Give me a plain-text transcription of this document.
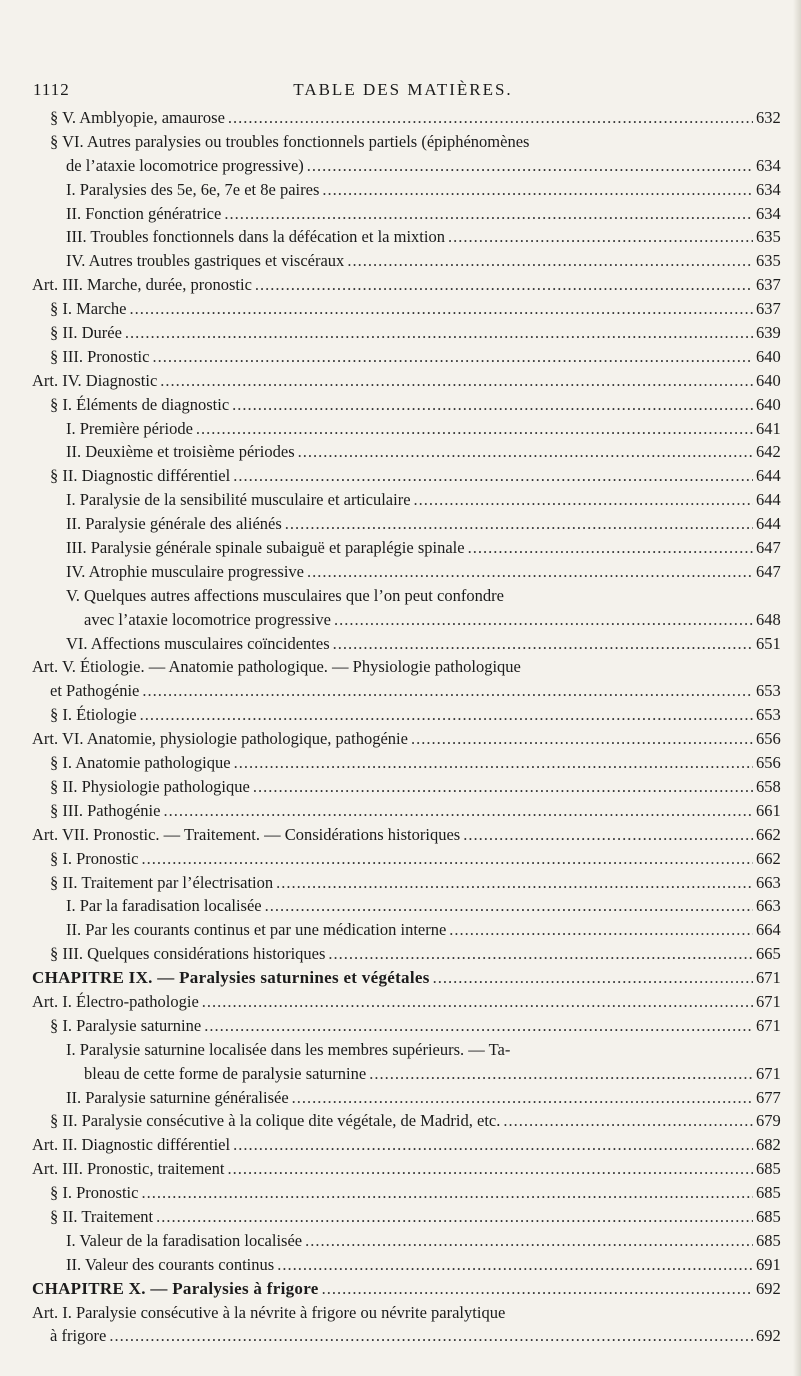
1112	TABLE DES MATIÈRES.
§ V. Amblyopie, amaurose .....	632
§ VI. Autres paralysies ou troubles fonctionnels partiels (épiphénomènes
de l’ataxie locomotrice progressive) .....	634
I. Paralysies des 5e, 6e, 7e et 8e paires .....	634
II. Fonction génératrice .....	634
III. Troubles fonctionnels dans la défécation et la mixtion .....	635
IV. Autres troubles gastriques et viscéraux .....	635
Art. III. Marche, durée, pronostic .....	637
§ I. Marche .....	637
§ II. Durée .....	639
§ III. Pronostic .....	640
Art. IV. Diagnostic .....	640
§ I. Éléments de diagnostic .....	640
I. Première période .....	641
II. Deuxième et troisième périodes .....	642
§ II. Diagnostic différentiel .....	644
I. Paralysie de la sensibilité musculaire et articulaire .....	644
II. Paralysie générale des aliénés .....	644
III. Paralysie générale spinale subaiguë et paraplégie spinale .....	647
IV. Atrophie musculaire progressive .....	647
V. Quelques autres affections musculaires que l’on peut confondre
avec l’ataxie locomotrice progressive .....	648
VI. Affections musculaires coïncidentes .....	651
Art. V. Étiologie. — Anatomie pathologique. — Physiologie pathologique
et Pathogénie .....	653
§ I. Étiologie .....	653
Art. VI. Anatomie, physiologie pathologique, pathogénie .....	656
§ I. Anatomie pathologique .....	656
§ II. Physiologie pathologique .....	658
§ III. Pathogénie .....	661
Art. VII. Pronostic. — Traitement. — Considérations historiques .....	662
§ I. Pronostic .....	662
§ II. Traitement par l’électrisation .....	663
I. Par la faradisation localisée .....	663
II. Par les courants continus et par une médication interne .....	664
§ III. Quelques considérations historiques .....	665
CHAPITRE IX. — Paralysies saturnines et végétales .....	671
Art. I. Électro-pathologie .....	671
§ I. Paralysie saturnine .....	671
I. Paralysie saturnine localisée dans les membres supérieurs. — Ta-
bleau de cette forme de paralysie saturnine .....	671
II. Paralysie saturnine généralisée .....	677
§ II. Paralysie consécutive à la colique dite végétale, de Madrid, etc. .....	679
Art. II. Diagnostic différentiel .....	682
Art. III. Pronostic, traitement .....	685
§ I. Pronostic .....	685
§ II. Traitement .....	685
I. Valeur de la faradisation localisée .....	685
II. Valeur des courants continus .....	691
CHAPITRE X. — Paralysies à frigore .....	692
Art. I. Paralysie consécutive à la névrite à frigore ou névrite paralytique
à frigore .....	692
